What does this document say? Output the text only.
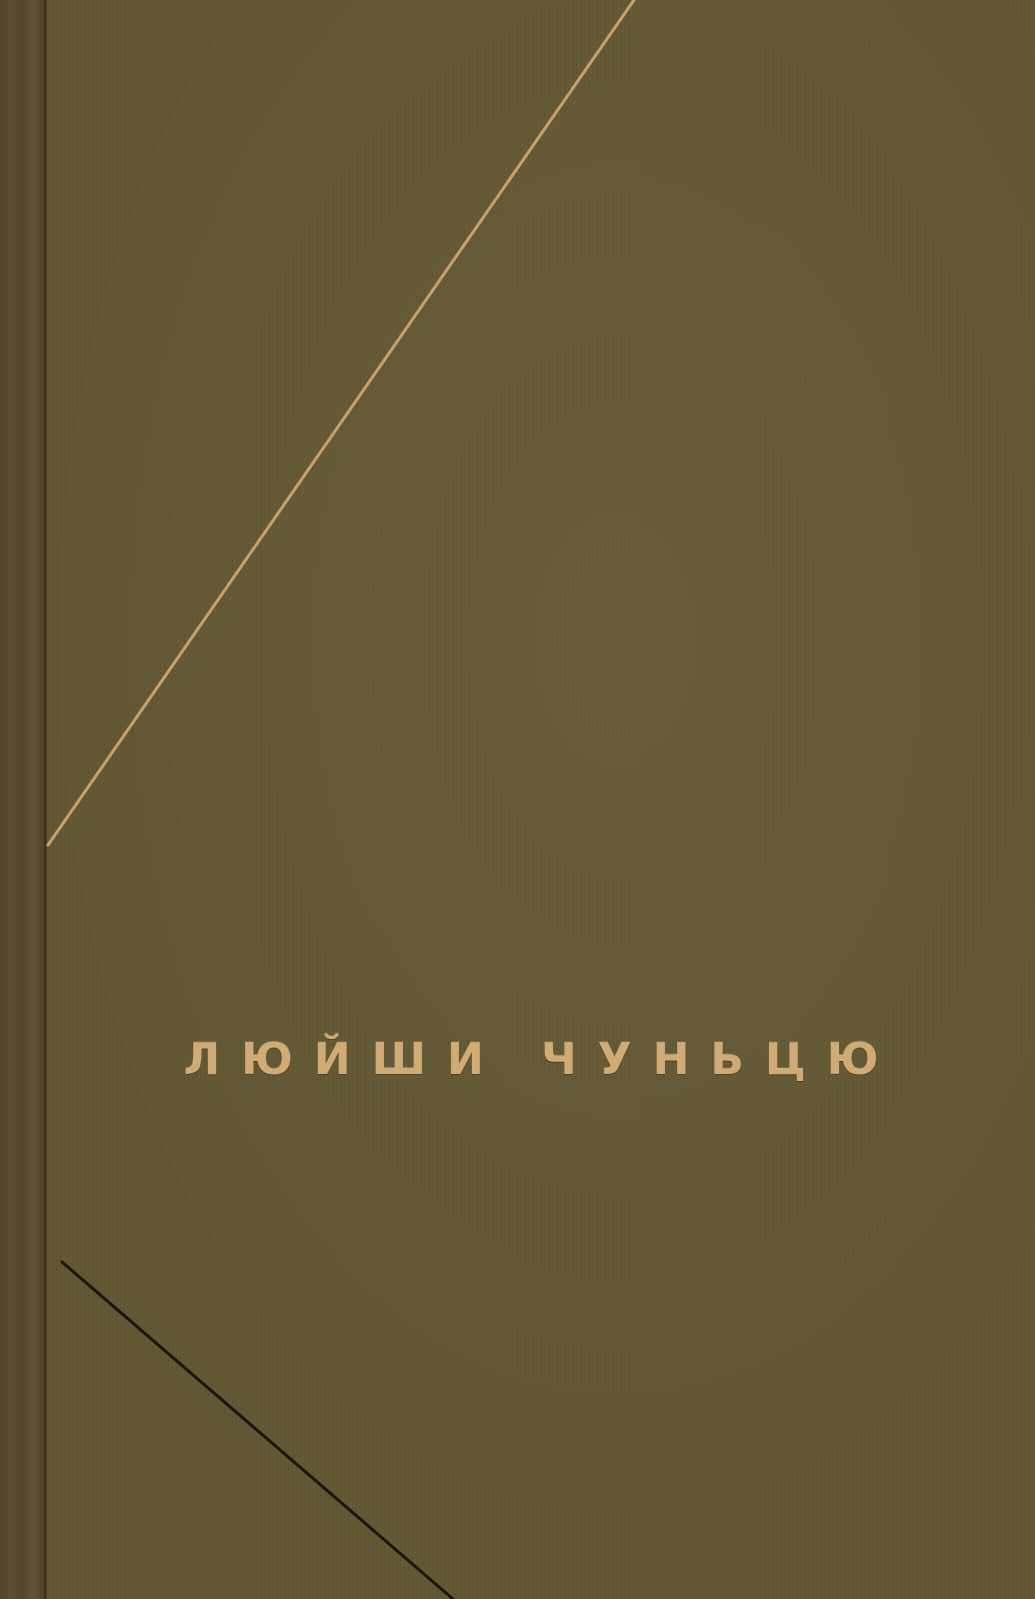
ЛЮЙШИ ЧУНЬЦЮ
